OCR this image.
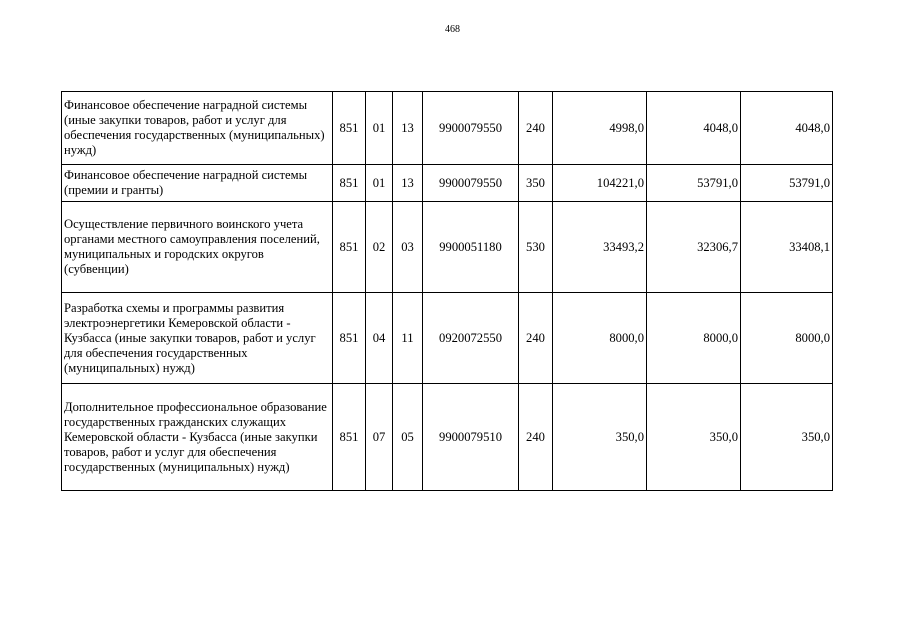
468
Финансовое обеспечение наградной системы (иные закупки товаров, работ и услуг для обеспечения государственных (муниципальных) нужд)	851	01	13	9900079550	240	4998,0	4048,0	4048,0
Финансовое обеспечение наградной системы (премии и гранты)	851	01	13	9900079550	350	104221,0	53791,0	53791,0
Осуществление первичного воинского учета органами местного самоуправления поселений, муниципальных и городских округов (субвенции)	851	02	03	9900051180	530	33493,2	32306,7	33408,1
Разработка схемы и программы развития электроэнергетики Кемеровской области - Кузбасса (иные закупки товаров, работ и услуг для обеспечения государственных (муниципальных) нужд)	851	04	11	0920072550	240	8000,0	8000,0	8000,0
Дополнительное профессиональное образование государственных гражданских служащих Кемеровской области - Кузбасса (иные закупки товаров, работ и услуг для обеспечения государственных (муниципальных) нужд)	851	07	05	9900079510	240	350,0	350,0	350,0
